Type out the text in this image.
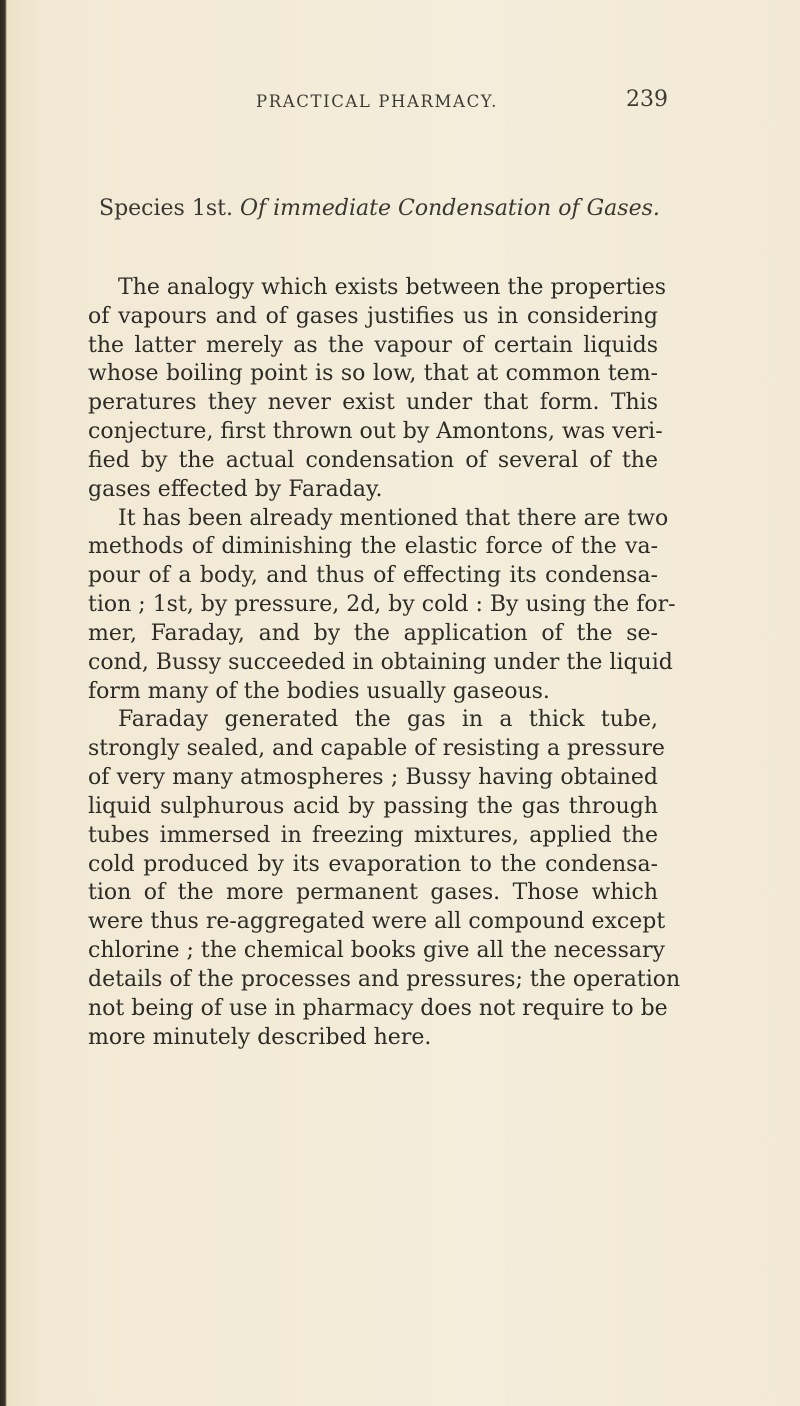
PRACTICAL PHARMACY.	239
Species 1st. Of immediate Condensation of Gases.
The analogy which exists between the properties
of vapours and of gases justifies us in considering
the latter merely as the vapour of certain liquids
whose boiling point is so low, that at common tem-
peratures they never exist under that form. This
conjecture, first thrown out by Amontons, was veri-
fied by the actual condensation of several of the
gases effected by Faraday.
It has been already mentioned that there are two
methods of diminishing the elastic force of the va-
pour of a body, and thus of effecting its condensa-
tion ; 1st, by pressure, 2d, by cold : By using the for-
mer, Faraday, and by the application of the se-
cond, Bussy succeeded in obtaining under the liquid
form many of the bodies usually gaseous.
Faraday generated the gas in a thick tube,
strongly sealed, and capable of resisting a pressure
of very many atmospheres ; Bussy having obtained
liquid sulphurous acid by passing the gas through
tubes immersed in freezing mixtures, applied the
cold produced by its evaporation to the condensa-
tion of the more permanent gases. Those which
were thus re-aggregated were all compound except
chlorine ; the chemical books give all the necessary
details of the processes and pressures; the operation
not being of use in pharmacy does not require to be
more minutely described here.
